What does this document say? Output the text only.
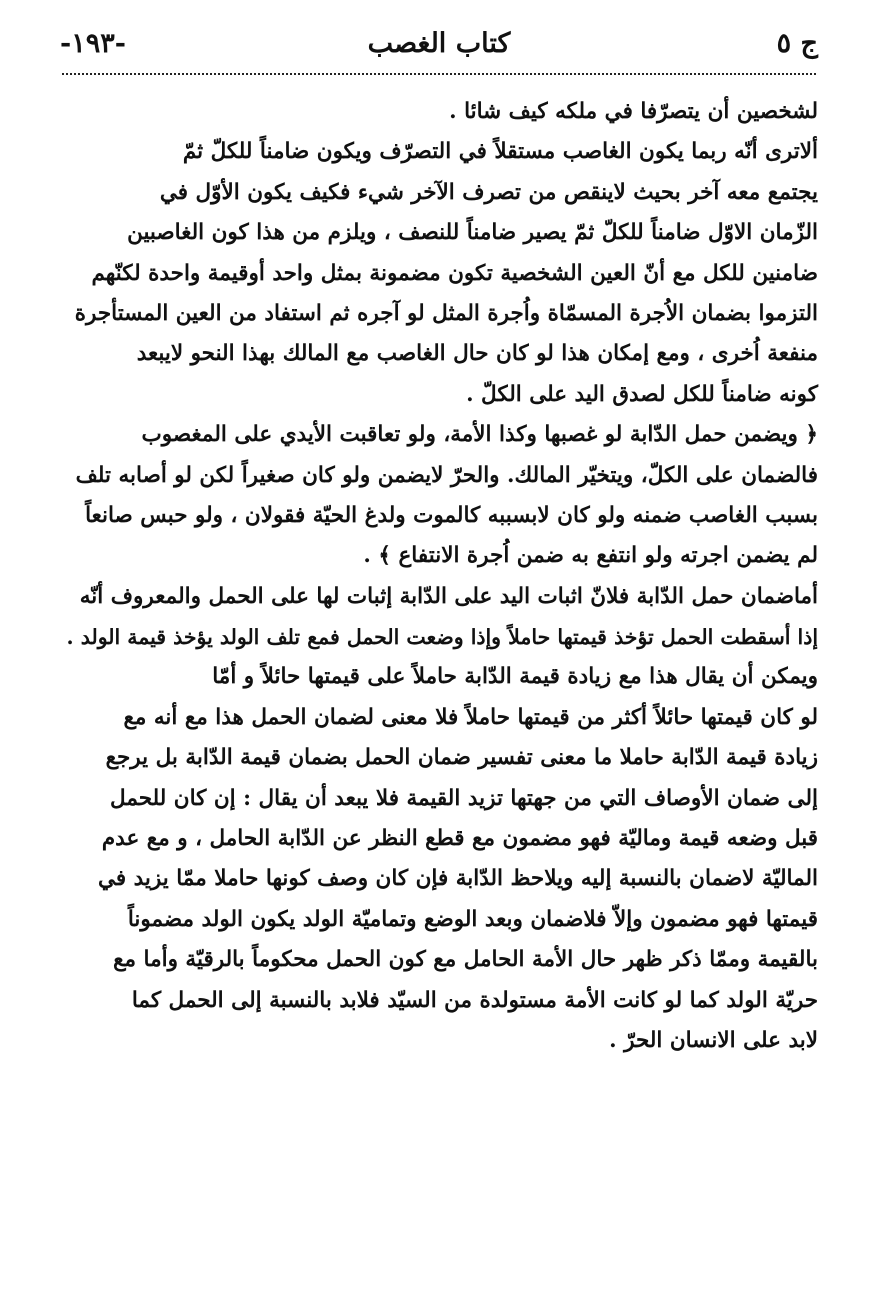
ج ٥
كتاب الغصب
-١٩٣-
لشخصين أن يتصرّفا في ملكه كيف شائا .
ألاترى أنّه ربما يكون الغاصب مستقلاً في التصرّف ويكون ضامناً للكلّ ثمّ
يجتمع معه آخر بحيث لاينقص من تصرف الآخر شيء فكيف يكون الأوّل في
الزّمان الاوّل ضامناً للكلّ ثمّ يصير ضامناً للنصف ، ويلزم من هذا كون الغاصبين
ضامنين للكل مع أنّ العين الشخصية تكون مضمونة بمثل واحد أوقيمة واحدة لكنّهم
التزموا بضمان الاُجرة المسمّاة واُجرة المثل لو آجره ثم استفاد من العين المستأجرة
منفعة اُخرى ، ومع إمكان هذا لو كان حال الغاصب مع المالك بهذا النحو لايبعد
كونه ضامناً للكل لصدق اليد على الكلّ .
﴿ ويضمن حمل الدّابة لو غصبها وكذا الأمة، ولو تعاقبت الأيدي على المغصوب
فالضمان على الكلّ، ويتخيّر المالك. والحرّ لايضمن ولو كان صغيراً لكن لو أصابه تلف
بسبب الغاصب ضمنه ولو كان لابسببه كالموت ولدغ الحيّة فقولان ، ولو حبس صانعاً
لم يضمن اجرته ولو انتفع به ضمن اُجرة الانتفاع ﴾ .
أماضمان حمل الدّابة فلانّ اثبات اليد على الدّابة إثبات لها على الحمل والمعروف أنّه
إذا أسقطت الحمل تؤخذ قيمتها حاملاً وإذا وضعت الحمل فمع تلف الولد يؤخذ قيمة الولد .
ويمكن أن يقال هذا مع زيادة قيمة الدّابة حاملاً على قيمتها حائلاً و أمّا
لو كان قيمتها حائلاً أكثر من قيمتها حاملاً فلا معنى لضمان الحمل هذا مع أنه مع
زيادة قيمة الدّابة حاملا ما معنى تفسير ضمان الحمل بضمان قيمة الدّابة بل يرجع
إلى ضمان الأوصاف التي من جهتها تزيد القيمة فلا يبعد أن يقال : إن كان للحمل
قبل وضعه قيمة وماليّة فهو مضمون مع قطع النظر عن الدّابة الحامل ، و مع عدم
الماليّة لاضمان بالنسبة إليه ويلاحظ الدّابة فإن كان وصف كونها حاملا ممّا يزيد في
قيمتها فهو مضمون وإلاّ فلاضمان وبعد الوضع وتماميّة الولد يكون الولد مضموناً
بالقيمة وممّا ذكر ظهر حال الأمة الحامل مع كون الحمل محكوماً بالرقيّة وأما مع
حريّة الولد كما لو كانت الأمة مستولدة من السيّد فلابد بالنسبة إلى الحمل كما
لابد على الانسان الحرّ .
